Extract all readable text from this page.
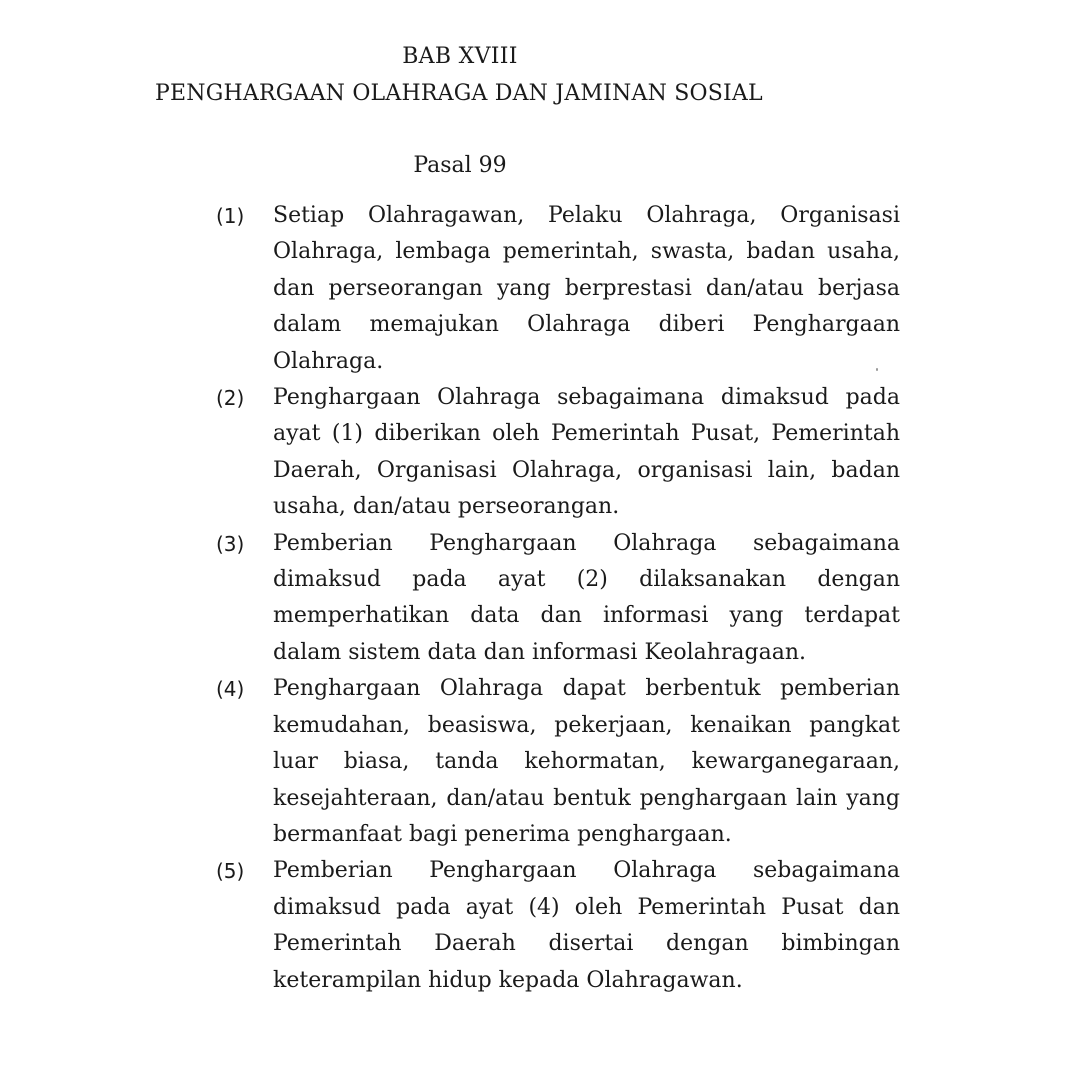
BAB XVIII
PENGHARGAAN OLAHRAGA DAN JAMINAN SOSIAL
Pasal 99
(1) Setiap Olahragawan, Pelaku Olahraga, Organisasi Olahraga, lembaga pemerintah, swasta, badan usaha, dan perseorangan yang berprestasi dan/atau berjasa dalam memajukan Olahraga diberi Penghargaan Olahraga.
(2) Penghargaan Olahraga sebagaimana dimaksud pada ayat (1) diberikan oleh Pemerintah Pusat, Pemerintah Daerah, Organisasi Olahraga, organisasi lain, badan usaha, dan/atau perseorangan.
(3) Pemberian Penghargaan Olahraga sebagaimana dimaksud pada ayat (2) dilaksanakan dengan memperhatikan data dan informasi yang terdapat dalam sistem data dan informasi Keolahragaan.
(4) Penghargaan Olahraga dapat berbentuk pemberian kemudahan, beasiswa, pekerjaan, kenaikan pangkat luar biasa, tanda kehormatan, kewarganegaraan, kesejahteraan, dan/atau bentuk penghargaan lain yang bermanfaat bagi penerima penghargaan.
(5) Pemberian Penghargaan Olahraga sebagaimana dimaksud pada ayat (4) oleh Pemerintah Pusat dan Pemerintah Daerah disertai dengan bimbingan keterampilan hidup kepada Olahragawan.
